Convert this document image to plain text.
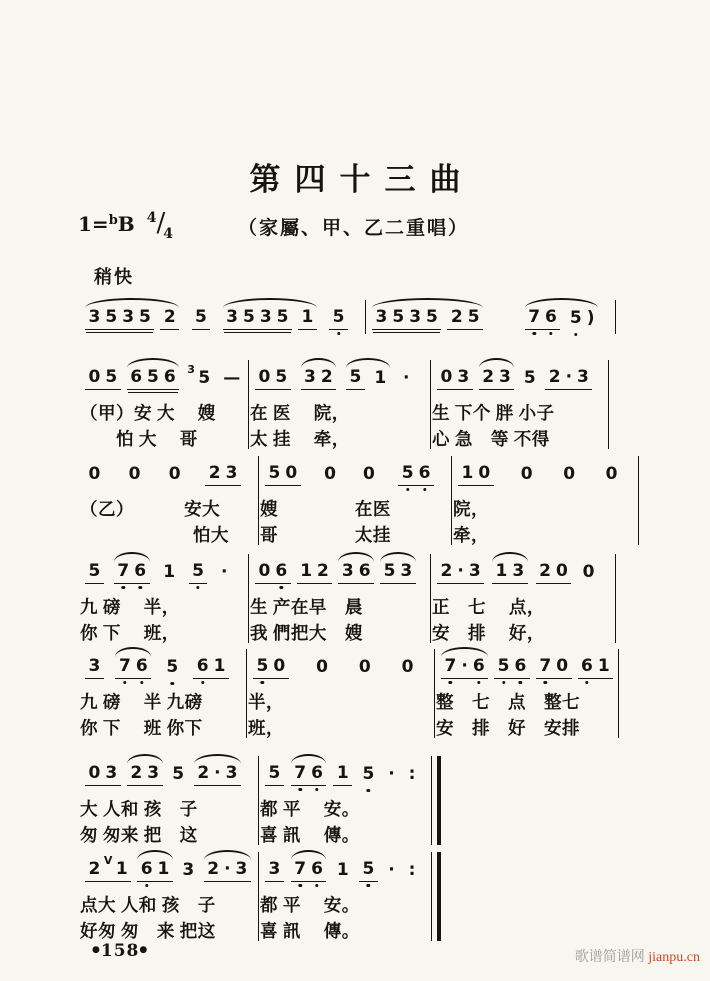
第四十三曲
1=$^b$B $^4/_4$	（家屬、甲、乙二重唱）
稍快
3 5 3 5 2 5 3 5 3 5 1 5 3 5 3 5 2 5	7 6 5 )
0 5 6 5 6 3 5 — 0 5 3 2 5 1 · 0 3 2 3 5 2 · 3
（甲）安 大　 嫂	在 医　 院，	生 下个 胖 小子
　　怕 大　 哥	太 挂　 牵，	心 急　等 不得
0 0 0 2 3 5 0 0 0 5 6 1 0 0 0 0
（乙）　　　 安大	嫂　　　　 在医	院，
　　　　　　 怕大	哥　　　　 太挂	牵，
5 7 6 1 5 · 0 6 1 2 3 6 5 3 2 · 3 1 3 2 0 0
九 磅　 半，	生 产在早　晨	正　七　 点，
你 下　 班，	我 們把大　嫂	安　排　 好，
3 7 6 5 6 1 5 0 0 0 0 7 · 6 5 6 7 0 6 1
九 磅　 半 九磅	半，	整　七　点　整七
你 下　 班 你下	班，	安　排　好　安排
0 3 2 3 5 2 · 3 5 7 6 1 5 · :
大 人和 孩　子	都 平　 安。
匆 匆来 把　这	喜 訊　 傳。
2 V 1 6 1 3 2 · 3 3 7 6 1 5 · :
点大 人和 孩　子	都 平　 安。
好匆 匆　来 把这	喜 訊　 傳。
●158●	歌谱简谱网 jianpu.cn
